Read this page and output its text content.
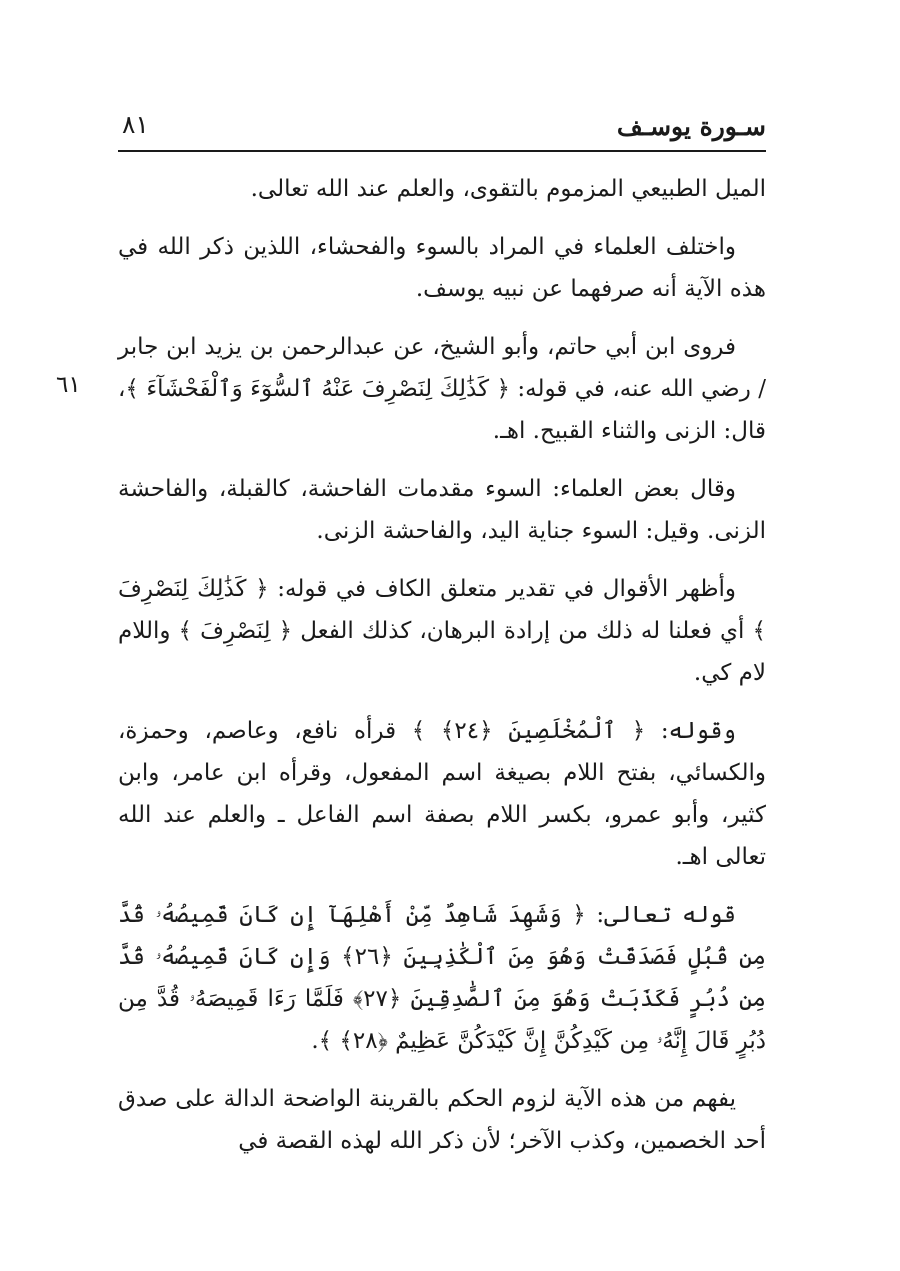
سـورة يوسـف
٨١
٦١

الميل الطبيعي المزموم بالتقوى، والعلم عند الله تعالى.

واختلف العلماء في المراد بالسوء والفحشاء، اللذين ذكر الله في هذه الآية أنه صرفهما عن نبيه يوسف.

فروى ابن أبي حاتم، وأبو الشيخ، عن عبدالرحمن بن يزيد ابن جابر / رضي الله عنه، في قوله: ﴿ كَذَٰلِكَ لِنَصْرِفَ عَنْهُ ٱلسُّوٓءَ وَٱلْفَحْشَآءَ ﴾، قال: الزنى والثناء القبيح. اهـ.

وقال بعض العلماء: السوء مقدمات الفاحشة، كالقبلة، والفاحشة الزنى. وقيل: السوء جناية اليد، والفاحشة الزنى.

وأظهر الأقوال في تقدير متعلق الكاف في قوله: ﴿ كَذَٰلِكَ لِنَصْرِفَ ﴾ أي فعلنا له ذلك من إرادة البرهان، كذلك الفعل ﴿ لِنَصْرِفَ ﴾ واللام لام كي.

وقوله: ﴿ ٱلْمُخْلَصِينَ ﴿٢٤﴾ ﴾ قرأه نافع، وعاصم، وحمزة، والكسائي، بفتح اللام بصيغة اسم المفعول، وقرأه ابن عامر، وابن كثير، وأبو عمرو، بكسر اللام بصفة اسم الفاعل ـ والعلم عند الله تعالى اهـ.

قوله تعالى: ﴿ وَشَهِدَ شَاهِدٌ مِّنْ أَهْلِهَآ إِن كَانَ قَمِيصُهُۥ قُدَّ مِن قُبُلٍ فَصَدَقَتْ وَهُوَ مِنَ ٱلْكَٰذِبِينَ ﴿٢٦﴾ وَإِن كَانَ قَمِيصُهُۥ قُدَّ مِن دُبُرٍ فَكَذَبَتْ وَهُوَ مِنَ ٱلصَّٰدِقِينَ ﴿٢٧﴾ فَلَمَّا رَءَا قَمِيصَهُۥ قُدَّ مِن دُبُرٍ قَالَ إِنَّهُۥ مِن كَيْدِكُنَّ إِنَّ كَيْدَكُنَّ عَظِيمٌ ﴿٢٨﴾ ﴾.

يفهم من هذه الآية لزوم الحكم بالقرينة الواضحة الدالة على صدق أحد الخصمين، وكذب الآخر؛ لأن ذكر الله لهذه القصة في
